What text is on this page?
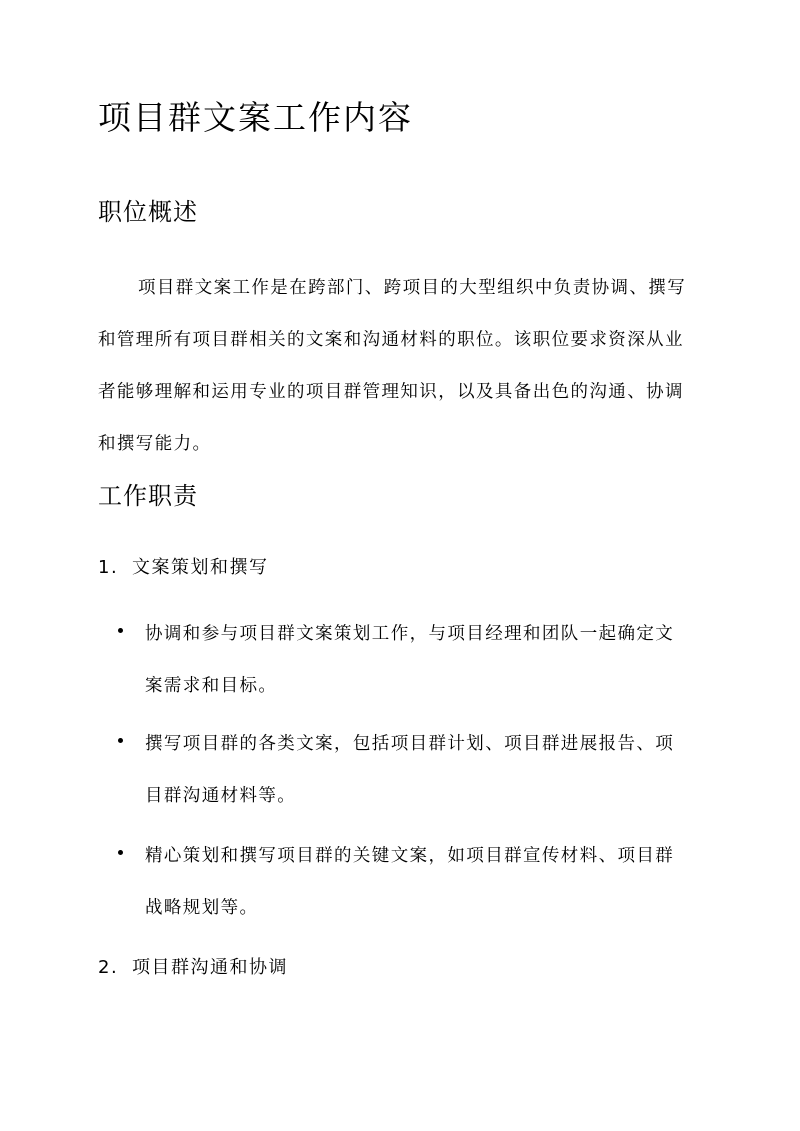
项目群文案工作内容
职位概述

项目群文案工作是在跨部门、跨项目的大型组织中负责协调、撰写和管理所有项目群相关的文案和沟通材料的职位。该职位要求资深从业者能够理解和运用专业的项目群管理知识，以及具备出色的沟通、协调和撰写能力。

工作职责
1. 文案策划和撰写
协调和参与项目群文案策划工作，与项目经理和团队一起确定文案需求和目标。
撰写项目群的各类文案，包括项目群计划、项目群进展报告、项目群沟通材料等。
精心策划和撰写项目群的关键文案，如项目群宣传材料、项目群战略规划等。
2. 项目群沟通和协调
